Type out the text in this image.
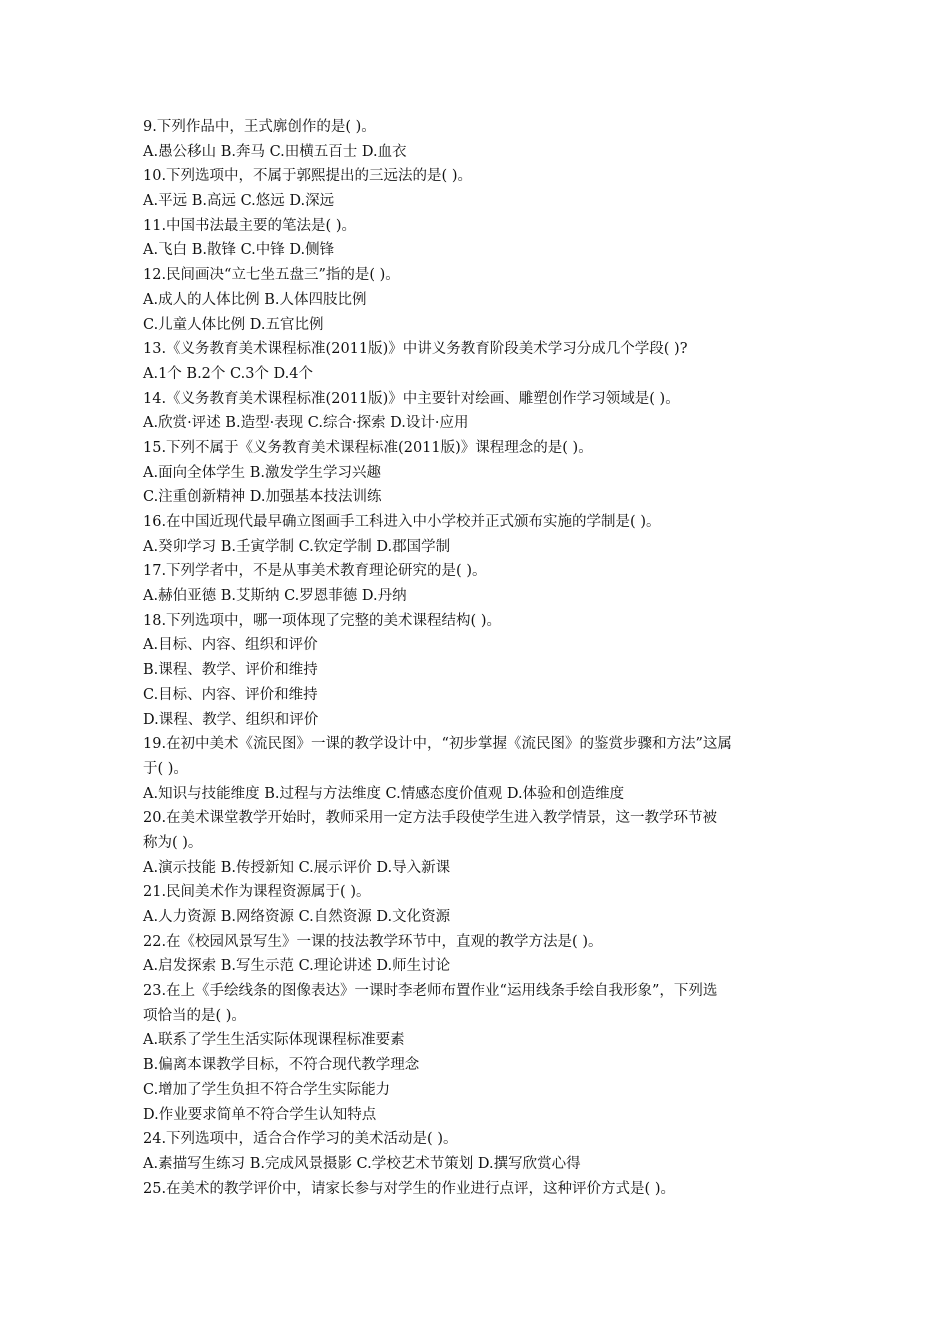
9.下列作品中，王式廓创作的是( )。
A.愚公移山 B.奔马 C.田横五百士 D.血衣
10.下列选项中，不属于郭熙提出的三远法的是( )。
A.平远 B.高远 C.悠远 D.深远
11.中国书法最主要的笔法是( )。
A.飞白 B.散锋 C.中锋 D.侧锋
12.民间画决“立七坐五盘三”指的是( )。
A.成人的人体比例 B.人体四肢比例
C.儿童人体比例 D.五官比例
13.《义务教育美术课程标准(2011版)》中讲义务教育阶段美术学习分成几个学段( )?
A.1个 B.2个 C.3个 D.4个
14.《义务教育美术课程标准(2011版)》中主要针对绘画、雕塑创作学习领域是( )。
A.欣赏·评述 B.造型·表现 C.综合·探索 D.设计·应用
15.下列不属于《义务教育美术课程标准(2011版)》课程理念的是( )。
A.面向全体学生 B.激发学生学习兴趣
C.注重创新精神 D.加强基本技法训练
16.在中国近现代最早确立图画手工科进入中小学校并正式颁布实施的学制是( )。
A.癸卯学习 B.壬寅学制 C.钦定学制 D.郡国学制
17.下列学者中，不是从事美术教育理论研究的是( )。
A.赫伯亚德 B.艾斯纳 C.罗恩菲德 D.丹纳
18.下列选项中，哪一项体现了完整的美术课程结构( )。
A.目标、内容、组织和评价
B.课程、教学、评价和维持
C.目标、内容、评价和维持
D.课程、教学、组织和评价
19.在初中美术《流民图》一课的教学设计中，“初步掌握《流民图》的鉴赏步骤和方法”这属
于( )。
A.知识与技能维度 B.过程与方法维度 C.情感态度价值观 D.体验和创造维度
20.在美术课堂教学开始时，教师采用一定方法手段使学生进入教学情景，这一教学环节被
称为( )。
A.演示技能 B.传授新知 C.展示评价 D.导入新课
21.民间美术作为课程资源属于( )。
A.人力资源 B.网络资源 C.自然资源 D.文化资源
22.在《校园风景写生》一课的技法教学环节中，直观的教学方法是( )。
A.启发探索 B.写生示范 C.理论讲述 D.师生讨论
23.在上《手绘线条的图像表达》一课时李老师布置作业“运用线条手绘自我形象”，下列选
项恰当的是( )。
A.联系了学生生活实际体现课程标准要素
B.偏离本课教学目标，不符合现代教学理念
C.增加了学生负担不符合学生实际能力
D.作业要求简单不符合学生认知特点
24.下列选项中，适合合作学习的美术活动是( )。
A.素描写生练习 B.完成风景摄影 C.学校艺术节策划 D.撰写欣赏心得
25.在美术的教学评价中，请家长参与对学生的作业进行点评，这种评价方式是( )。
